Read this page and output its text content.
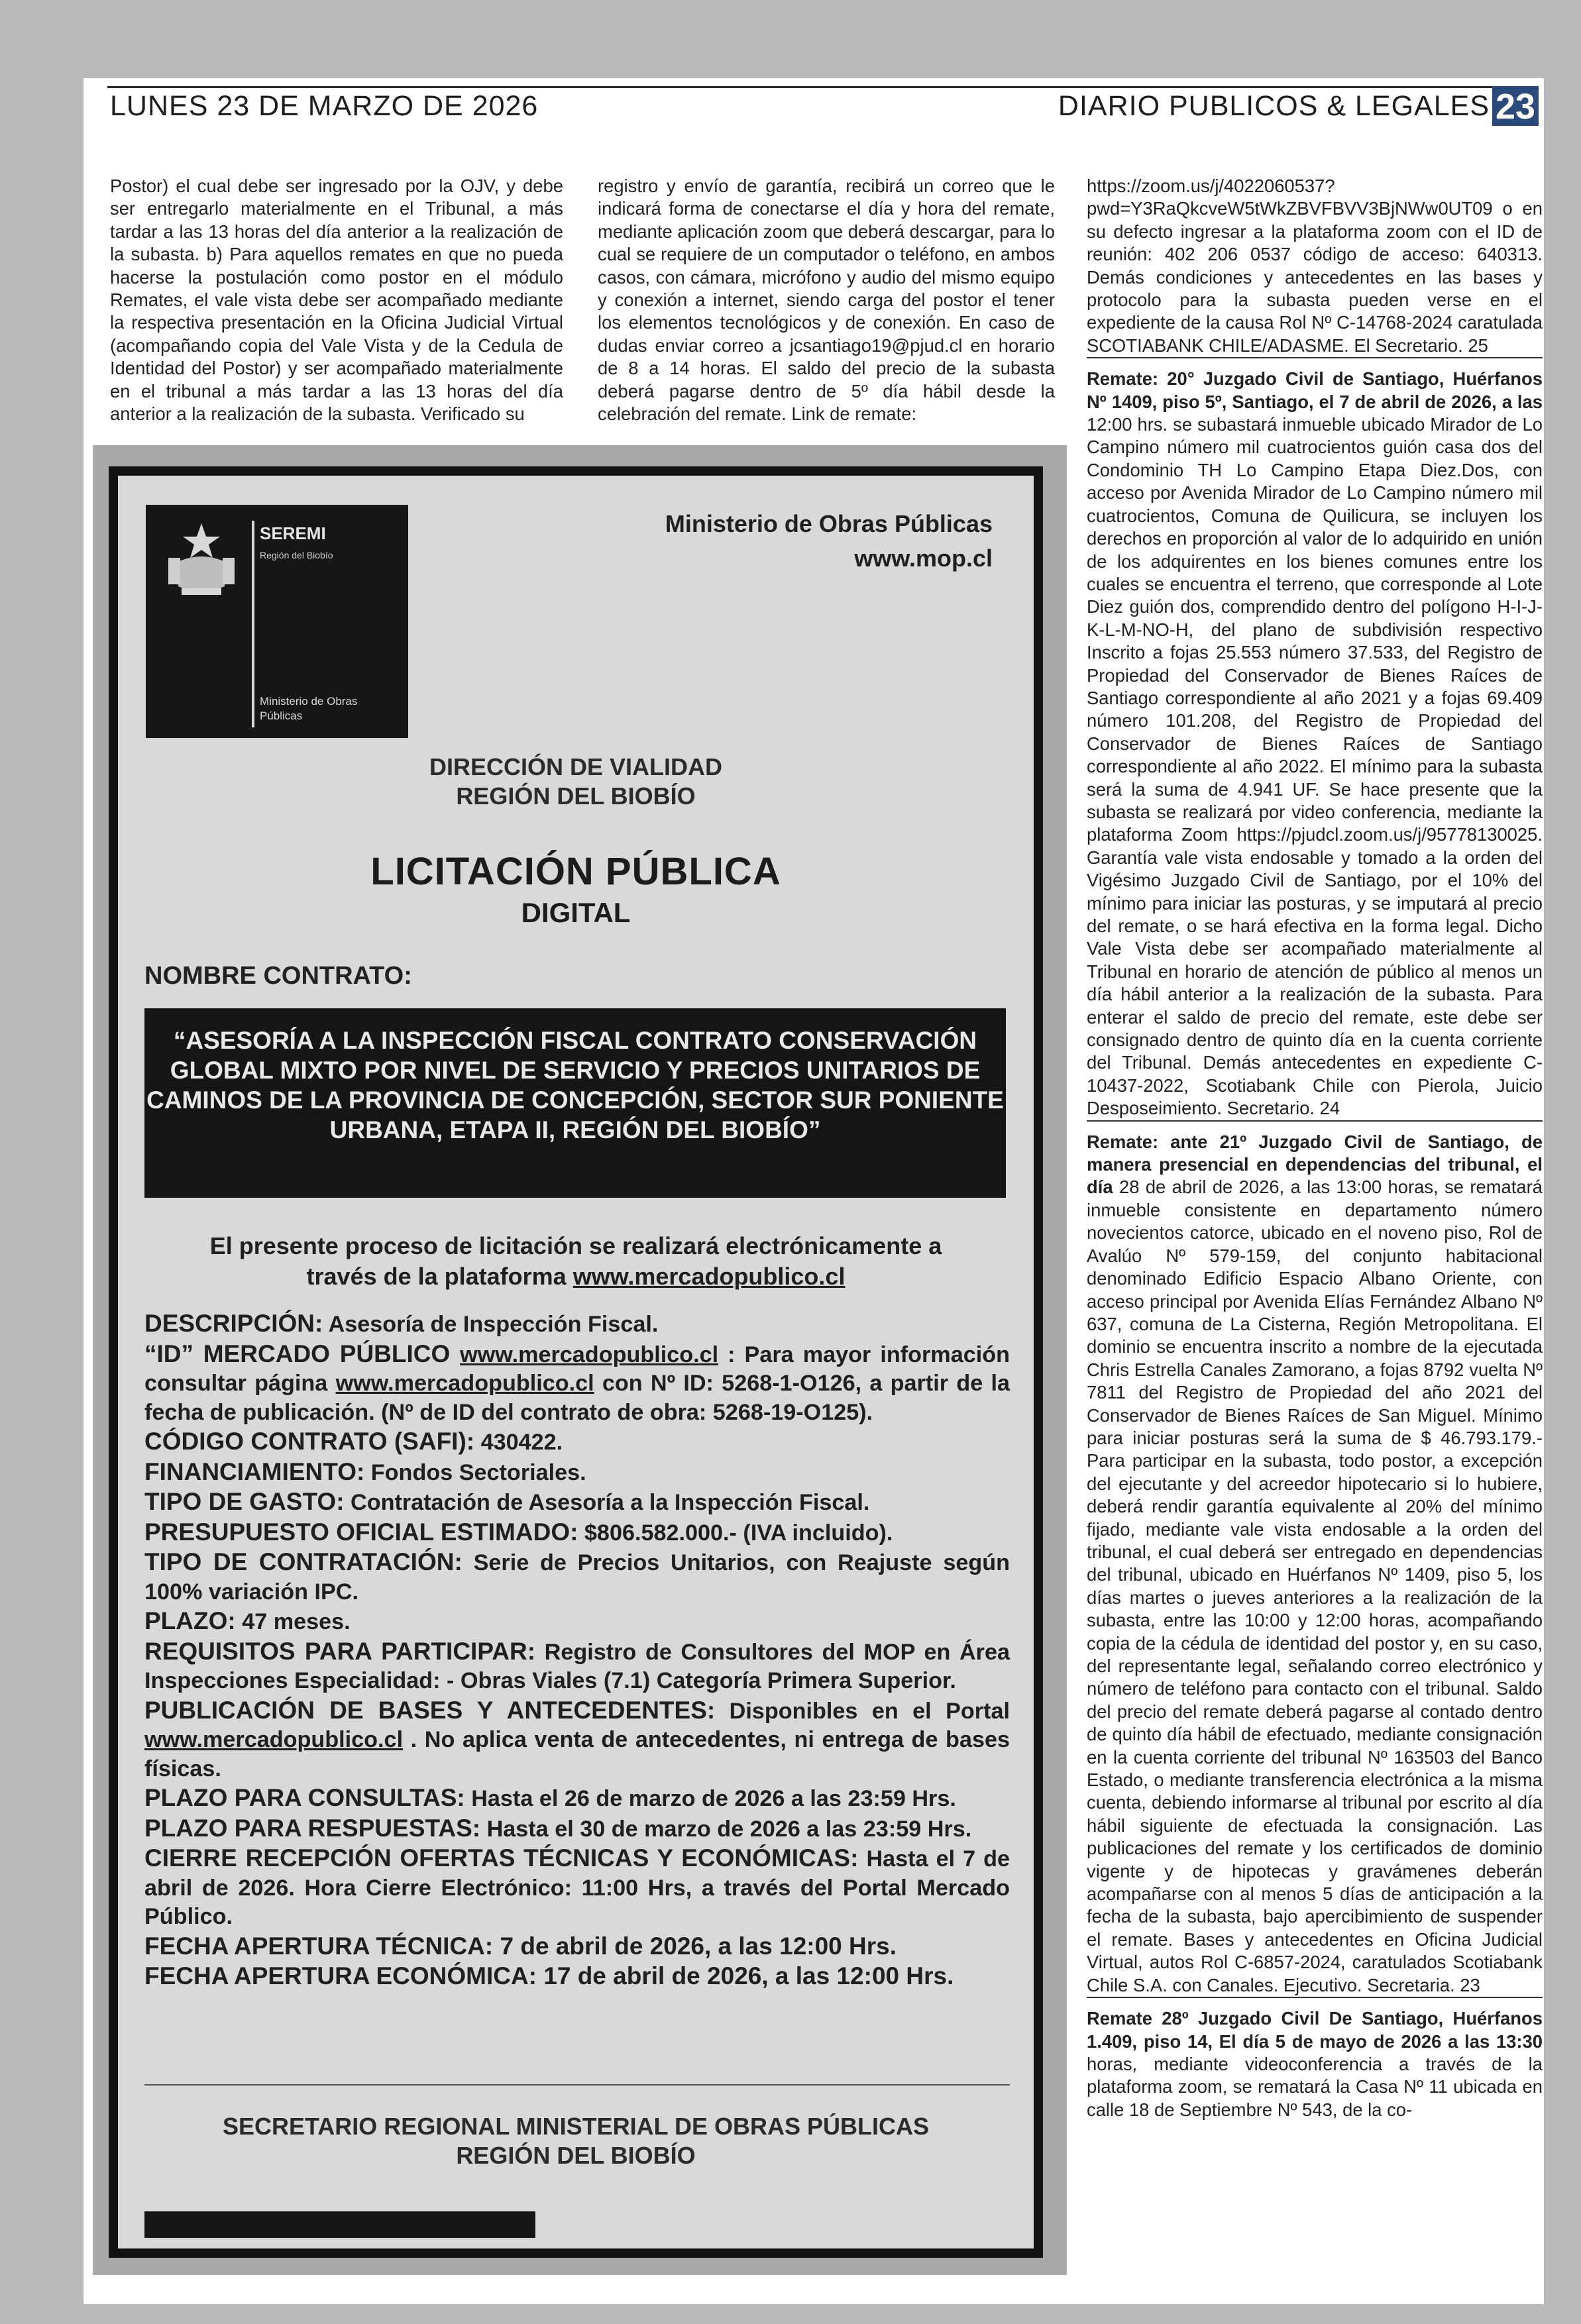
LUNES 23 DE MARZO DE 2026	DIARIO PUBLICOS & LEGALES 23

Postor) el cual debe ser ingresado por la OJV, y debe ser entregarlo materialmente en el Tribunal, a más tardar a las 13 horas del día anterior a la realización de la subasta. b) Para aquellos remates en que no pueda hacerse la postulación como postor en el módulo Remates, el vale vista debe ser acompañado mediante la respectiva presentación en la Oficina Judicial Virtual (acompañando copia del Vale Vista y de la Cedula de Identidad del Postor) y ser acompañado materialmente en el tribunal a más tardar a las 13 horas del día anterior a la realización de la subasta. Verificado su

registro y envío de garantía, recibirá un correo que le indicará forma de conectarse el día y hora del remate, mediante aplicación zoom que deberá descargar, para lo cual se requiere de un computador o teléfono, en ambos casos, con cámara, micrófono y audio del mismo equipo y conexión a internet, siendo carga del postor el tener los elementos tecnológicos y de conexión. En caso de dudas enviar correo a jcsantiago19@pjud.cl en horario de 8 a 14 horas. El saldo del precio de la subasta deberá pagarse dentro de 5º día hábil desde la celebración del remate. Link de remate:

https://zoom.us/j/4022060537?pwd=Y3RaQkcveW5tWkZBVFBVV3BjNWw0UT09 o en su defecto ingresar a la plataforma zoom con el ID de reunión: 402 206 0537 código de acceso: 640313. Demás condiciones y antecedentes en las bases y protocolo para la subasta pueden verse en el expediente de la causa Rol Nº C-14768-2024 caratulada SCOTIABANK CHILE/ADASME. El Secretario. 25

Remate: 20° Juzgado Civil de Santiago, Huérfanos Nº 1409, piso 5º, Santiago, el 7 de abril de 2026, a las 12:00 hrs. se subastará inmueble ubicado Mirador de Lo Campino número mil cuatrocientos guión casa dos del Condominio TH Lo Campino Etapa Diez.Dos, con acceso por Avenida Mirador de Lo Campino número mil cuatrocientos, Comuna de Quilicura, se incluyen los derechos en proporción al valor de lo adquirido en unión de los adquirentes en los bienes comunes entre los cuales se encuentra el terreno, que corresponde al Lote Diez guión dos, comprendido dentro del polígono H-I-J-K-L-M-NO-H, del plano de subdivisión respectivo Inscrito a fojas 25.553 número 37.533, del Registro de Propiedad del Conservador de Bienes Raíces de Santiago correspondiente al año 2021 y a fojas 69.409 número 101.208, del Registro de Propiedad del Conservador de Bienes Raíces de Santiago correspondiente al año 2022. El mínimo para la subasta será la suma de 4.941 UF. Se hace presente que la subasta se realizará por video conferencia, mediante la plataforma Zoom https://pjudcl.zoom.us/j/95778130025. Garantía vale vista endosable y tomado a la orden del Vigésimo Juzgado Civil de Santiago, por el 10% del mínimo para iniciar las posturas, y se imputará al precio del remate, o se hará efectiva en la forma legal. Dicho Vale Vista debe ser acompañado materialmente al Tribunal en horario de atención de público al menos un día hábil anterior a la realización de la subasta. Para enterar el saldo de precio del remate, este debe ser consignado dentro de quinto día en la cuenta corriente del Tribunal. Demás antecedentes en expediente C-10437-2022, Scotiabank Chile con Pierola, Juicio Desposeimiento. Secretario. 24

Remate: ante 21º Juzgado Civil de Santiago, de manera presencial en dependencias del tribunal, el día 28 de abril de 2026, a las 13:00 horas, se rematará inmueble consistente en departamento número novecientos catorce, ubicado en el noveno piso, Rol de Avalúo Nº 579-159, del conjunto habitacional denominado Edificio Espacio Albano Oriente, con acceso principal por Avenida Elías Fernández Albano Nº 637, comuna de La Cisterna, Región Metropolitana. El dominio se encuentra inscrito a nombre de la ejecutada Chris Estrella Canales Zamorano, a fojas 8792 vuelta Nº 7811 del Registro de Propiedad del año 2021 del Conservador de Bienes Raíces de San Miguel. Mínimo para iniciar posturas será la suma de $ 46.793.179.- Para participar en la subasta, todo postor, a excepción del ejecutante y del acreedor hipotecario si lo hubiere, deberá rendir garantía equivalente al 20% del mínimo fijado, mediante vale vista endosable a la orden del tribunal, el cual deberá ser entregado en dependencias del tribunal, ubicado en Huérfanos Nº 1409, piso 5, los días martes o jueves anteriores a la realización de la subasta, entre las 10:00 y 12:00 horas, acompañando copia de la cédula de identidad del postor y, en su caso, del representante legal, señalando correo electrónico y número de teléfono para contacto con el tribunal. Saldo del precio del remate deberá pagarse al contado dentro de quinto día hábil de efectuado, mediante consignación en la cuenta corriente del tribunal Nº 163503 del Banco Estado, o mediante transferencia electrónica a la misma cuenta, debiendo informarse al tribunal por escrito al día hábil siguiente de efectuada la consignación. Las publicaciones del remate y los certificados de dominio vigente y de hipotecas y gravámenes deberán acompañarse con al menos 5 días de anticipación a la fecha de la subasta, bajo apercibimiento de suspender el remate. Bases y antecedentes en Oficina Judicial Virtual, autos Rol C-6857-2024, caratulados Scotiabank Chile S.A. con Canales. Ejecutivo. Secretaria. 23

Remate 28º Juzgado Civil De Santiago, Huérfanos 1.409, piso 14, El día 5 de mayo de 2026 a las 13:30 horas, mediante videoconferencia a través de la plataforma zoom, se rematará la Casa Nº 11 ubicada en calle 18 de Septiembre Nº 543, de la co-

SEREMI
Región del Biobío
Ministerio de Obras Públicas
Ministerio de Obras Públicas
www.mop.cl
DIRECCIÓN DE VIALIDAD
REGIÓN DEL BIOBÍO
LICITACIÓN PÚBLICA
DIGITAL
NOMBRE CONTRATO:
“ASESORÍA A LA INSPECCIÓN FISCAL CONTRATO CONSERVACIÓN GLOBAL MIXTO POR NIVEL DE SERVICIO Y PRECIOS UNITARIOS DE CAMINOS DE LA PROVINCIA DE CONCEPCIÓN, SECTOR SUR PONIENTE URBANA, ETAPA II, REGIÓN DEL BIOBÍO”
El presente proceso de licitación se realizará electrónicamente a
través de la plataforma www.mercadopublico.cl

DESCRIPCIÓN: Asesoría de Inspección Fiscal.

“ID” MERCADO PÚBLICO www.mercadopublico.cl : Para mayor información consultar página www.mercadopublico.cl con Nº ID: 5268-1-O126, a partir de la fecha de publicación. (Nº de ID del contrato de obra: 5268-19-O125).

CÓDIGO CONTRATO (SAFI): 430422.

FINANCIAMIENTO: Fondos Sectoriales.

TIPO DE GASTO: Contratación de Asesoría a la Inspección Fiscal.

PRESUPUESTO OFICIAL ESTIMADO: $806.582.000.- (IVA incluido).

TIPO DE CONTRATACIÓN: Serie de Precios Unitarios, con Reajuste según 100% variación IPC.

PLAZO: 47 meses.

REQUISITOS PARA PARTICIPAR: Registro de Consultores del MOP en Área Inspecciones Especialidad: - Obras Viales (7.1) Categoría Primera Superior.

PUBLICACIÓN DE BASES Y ANTECEDENTES: Disponibles en el Portal www.mercadopublico.cl . No aplica venta de antecedentes, ni entrega de bases físicas.

PLAZO PARA CONSULTAS: Hasta el 26 de marzo de 2026 a las 23:59 Hrs.

PLAZO PARA RESPUESTAS: Hasta el 30 de marzo de 2026 a las 23:59 Hrs.

CIERRE RECEPCIÓN OFERTAS TÉCNICAS Y ECONÓMICAS: Hasta el 7 de abril de 2026. Hora Cierre Electrónico: 11:00 Hrs, a través del Portal Mercado Público.

FECHA APERTURA TÉCNICA: 7 de abril de 2026, a las 12:00 Hrs.

FECHA APERTURA ECONÓMICA: 17 de abril de 2026, a las 12:00 Hrs.

SECRETARIO REGIONAL MINISTERIAL DE OBRAS PÚBLICAS
REGIÓN DEL BIOBÍO
